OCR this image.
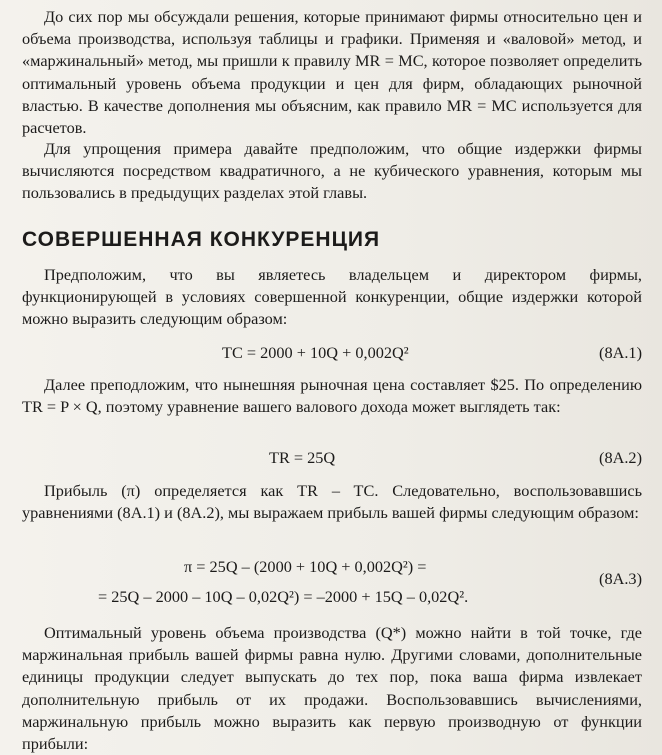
До сих пор мы обсуждали решения, которые принимают фирмы относительно цен и объема производства, используя таблицы и графики. Применяя и «валовой» метод, и «маржинальный» метод, мы пришли к правилу MR = MC, которое позволяет определить оптимальный уровень объема продукции и цен для фирм, обладающих рыночной властью. В качестве дополнения мы объясним, как правило MR = MC используется для расчетов.
Для упрощения примера давайте предположим, что общие издержки фирмы вычисляются посредством квадратичного, а не кубического уравнения, которым мы пользовались в предыдущих разделах этой главы.
СОВЕРШЕННАЯ КОНКУРЕНЦИЯ
Предположим, что вы являетесь владельцем и директором фирмы, функционирующей в условиях совершенной конкуренции, общие издержки которой можно выразить следующим образом:
TC = 2000 + 10Q + 0,002Q²	(8А.1)
Далее преподложим, что нынешняя рыночная цена составляет $25. По определению TR = P × Q, поэтому уравнение вашего валового дохода может выглядеть так:
TR = 25Q	(8А.2)
Прибыль (π) определяется как TR – TC. Следовательно, воспользовавшись уравнениями (8А.1) и (8А.2), мы выражаем прибыль вашей фирмы следующим образом:
π = 25Q – (2000 + 10Q + 0,002Q²) =
(8А.3)
= 25Q – 2000 – 10Q – 0,02Q²) = –2000 + 15Q – 0,02Q².
Оптимальный уровень объема производства (Q*) можно найти в той точке, где маржинальная прибыль вашей фирмы равна нулю. Другими словами, дополнительные единицы продукции следует выпускать до тех пор, пока ваша фирма извлекает дополнительную прибыль от их продажи. Воспользовавшись вычислениями, маржинальную прибыль можно выразить как первую производную от функции прибыли:
